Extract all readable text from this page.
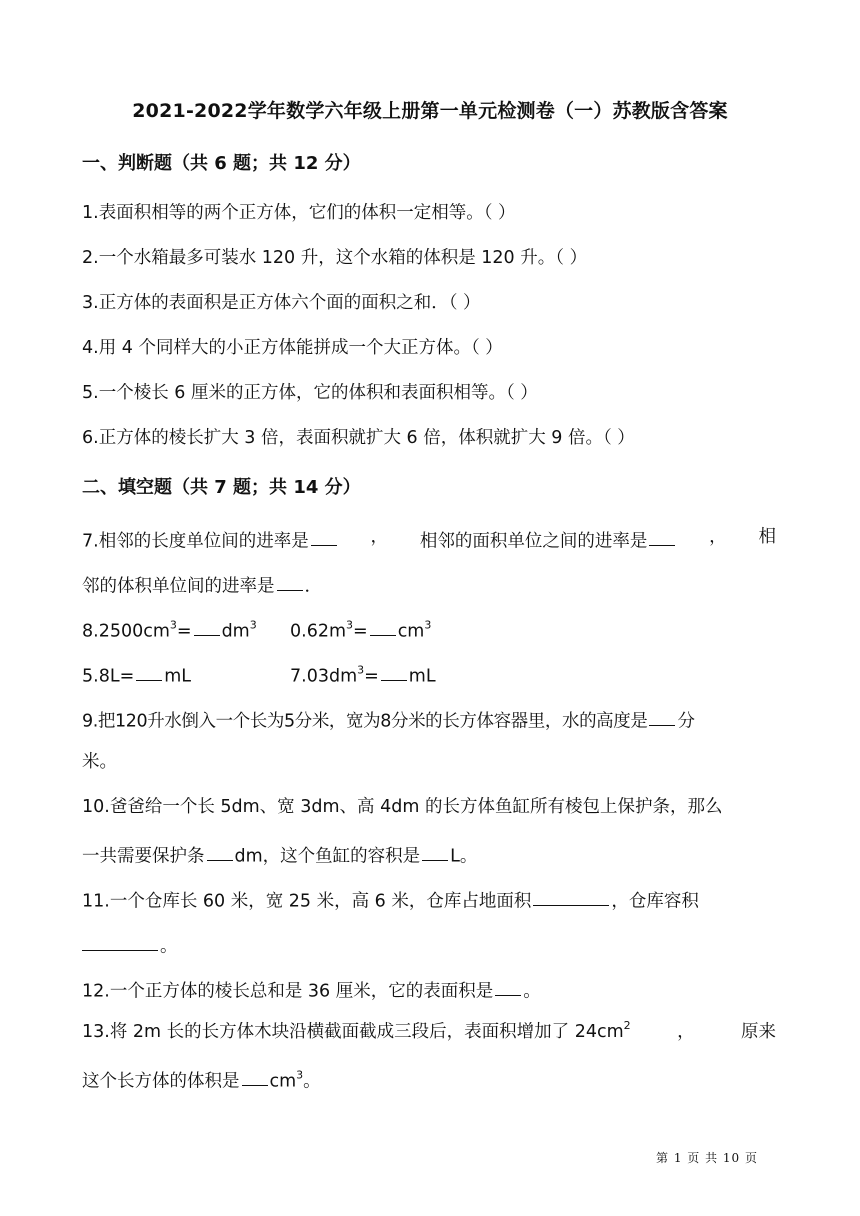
2021-2022学年数学六年级上册第一单元检测卷（一）苏教版含答案
一、判断题（共 6 题；共 12 分）
1.表面积相等的两个正方体，它们的体积一定相等。（ ）
2.一个水箱最多可装水 120 升，这个水箱的体积是 120 升。（ ）
3.正方体的表面积是正方体六个面的面积之和．（ ）
4.用 4 个同样大的小正方体能拼成一个大正方体。（ ）
5.一个棱长 6 厘米的正方体，它的体积和表面积相等。（ ）
6.正方体的棱长扩大 3 倍，表面积就扩大 6 倍，体积就扩大 9 倍。（ ）
二、填空题（共 7 题；共 14 分）
7.相邻的长度单位间的进率是	， 相邻的面积单位之间的进率是	， 相
邻的体积单位间的进率是 ．
$8.2500cm^3= dm^3$ $0.62m^3= cm^3$
5.8L= mL	$7.03dm^3=$ mL
9.把120升水倒入一个长为5分米，宽为8分米的长方体容器里，水的高度是 分
米。
10.爸爸给一个长 5dm、宽 3dm、高 4dm 的长方体鱼缸所有棱包上保护条，那么
一共需要保护条 dm，这个鱼缸的容积是 L。
11.一个仓库长 60 米，宽 25 米，高 6 米，仓库占地面积	，仓库容积
。
12.一个正方体的棱长总和是 36 厘米，它的表面积是 。
13.将 2m 长的长方体木块沿横截面截成三段后，表面积增加了 $24cm^2$	，	原来
这个长方体的体积是 $cm^3$。
第 1 页 共 10 页
